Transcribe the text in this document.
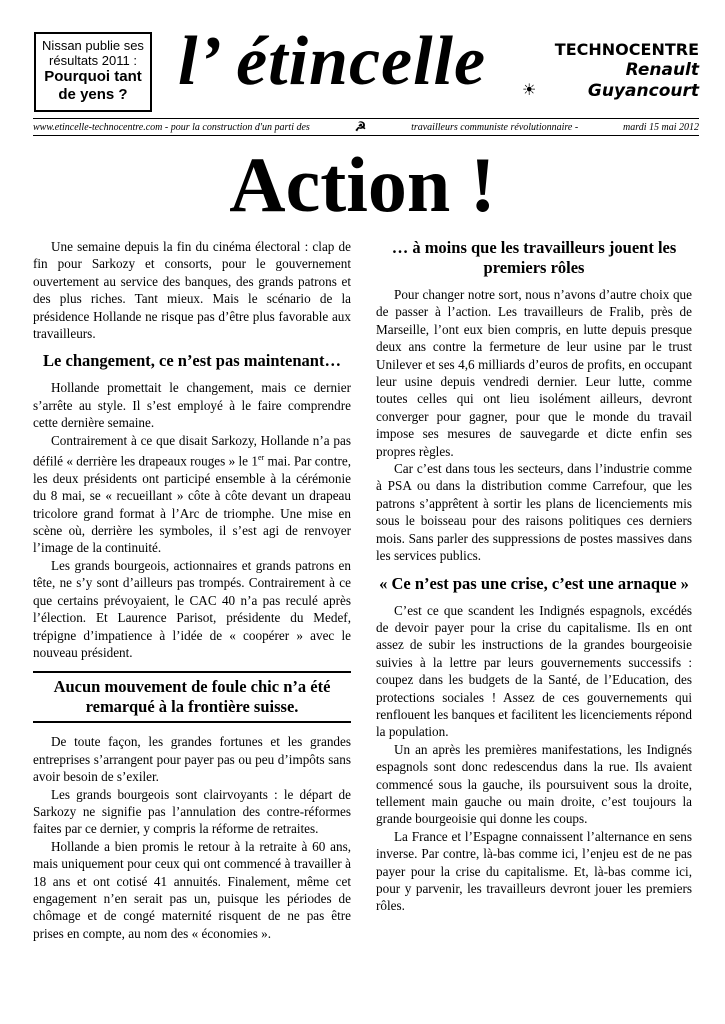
Nissan publie ses
résultats 2011 :
Pourquoi tant
de yens ? l’ étincelle ☀
TECHNOCENTRE
Renault
Guyancourt
www.etincelle-technocentre.com - pour la construction d'un parti des	☭	travailleurs communiste révolutionnaire -	mardi 15 mai 2012
Action !

Une semaine depuis la fin du cinéma électoral : clap de fin pour Sarkozy et consorts, pour le gouvernement ouvertement au service des banques, des grands patrons et des plus riches. Tant mieux. Mais le scénario de la présidence Hollande ne risque pas d’être plus favorable aux travailleurs.

Le changement, ce n’est pas maintenant…

Hollande promettait le changement, mais ce dernier s’arrête au style. Il s’est employé à le faire comprendre cette dernière semaine.

Contrairement à ce que disait Sarkozy, Hollande n’a pas défilé « derrière les drapeaux rouges » le 1er mai. Par contre, les deux présidents ont participé ensemble à la cérémonie du 8 mai, se « recueillant » côte à côte devant un drapeau tricolore grand format à l’Arc de triomphe. Une mise en scène où, derrière les symboles, il s’est agi de renvoyer l’image de la continuité.

Les grands bourgeois, actionnaires et grands patrons en tête, ne s’y sont d’ailleurs pas trompés. Contrairement à ce que certains prévoyaient, le CAC 40 n’a pas reculé après l’élection. Et Laurence Parisot, présidente du Medef, trépigne d’impatience à l’idée de « coopérer » avec le nouveau président.

Aucun mouvement de foule chic n’a été remarqué à la frontière suisse.

De toute façon, les grandes fortunes et les grandes entreprises s’arrangent pour payer pas ou peu d’impôts sans avoir besoin de s’exiler.

Les grands bourgeois sont clairvoyants : le départ de Sarkozy ne signifie pas l’annulation des contre-réformes faites par ce dernier, y compris la réforme de retraites.

Hollande a bien promis le retour à la retraite à 60 ans, mais uniquement pour ceux qui ont commencé à travailler à 18 ans et ont cotisé 41 annuités. Finalement, même cet engagement n’en serait pas un, puisque les périodes de chômage et de congé maternité risquent de ne pas être prises en compte, au nom des « économies ».

… à moins que les travailleurs jouent les premiers rôles

Pour changer notre sort, nous n’avons d’autre choix que de passer à l’action. Les travailleurs de Fralib, près de Marseille, l’ont eux bien compris, en lutte depuis presque deux ans contre la fermeture de leur usine par le trust Unilever et ses 4,6 milliards d’euros de profits, en occupant leur usine depuis vendredi dernier. Leur lutte, comme toutes celles qui ont lieu isolément ailleurs, devront converger pour gagner, pour que le monde du travail impose ses mesures de sauvegarde et dicte enfin ses propres règles.

Car c’est dans tous les secteurs, dans l’industrie comme à PSA ou dans la distribution comme Carrefour, que les patrons s’apprêtent à sortir les plans de licenciements mis sous le boisseau pour des raisons politiques ces derniers mois. Sans parler des suppressions de postes massives dans les services publics.

« Ce n’est pas une crise, c’est une arnaque »

C’est ce que scandent les Indignés espagnols, excédés de devoir payer pour la crise du capitalisme. Ils en ont assez de subir les instructions de la grandes bourgeoisie suivies à la lettre par leurs gouvernements successifs : coupez dans les budgets de la Santé, de l’Education, des protections sociales ! Assez de ces gouvernements qui renflouent les banques et facilitent les licenciements répond la population.

Un an après les premières manifestations, les Indignés espagnols sont donc redescendus dans la rue. Ils avaient commencé sous la gauche, ils poursuivent sous la droite, tellement main gauche ou main droite, c’est toujours la grande bourgeoisie qui donne les coups.

La France et l’Espagne connaissent l’alternance en sens inverse. Par contre, là-bas comme ici, l’enjeu est de ne pas payer pour la crise du capitalisme. Et, là-bas comme ici, pour y parvenir, les travailleurs devront jouer les premiers rôles.
